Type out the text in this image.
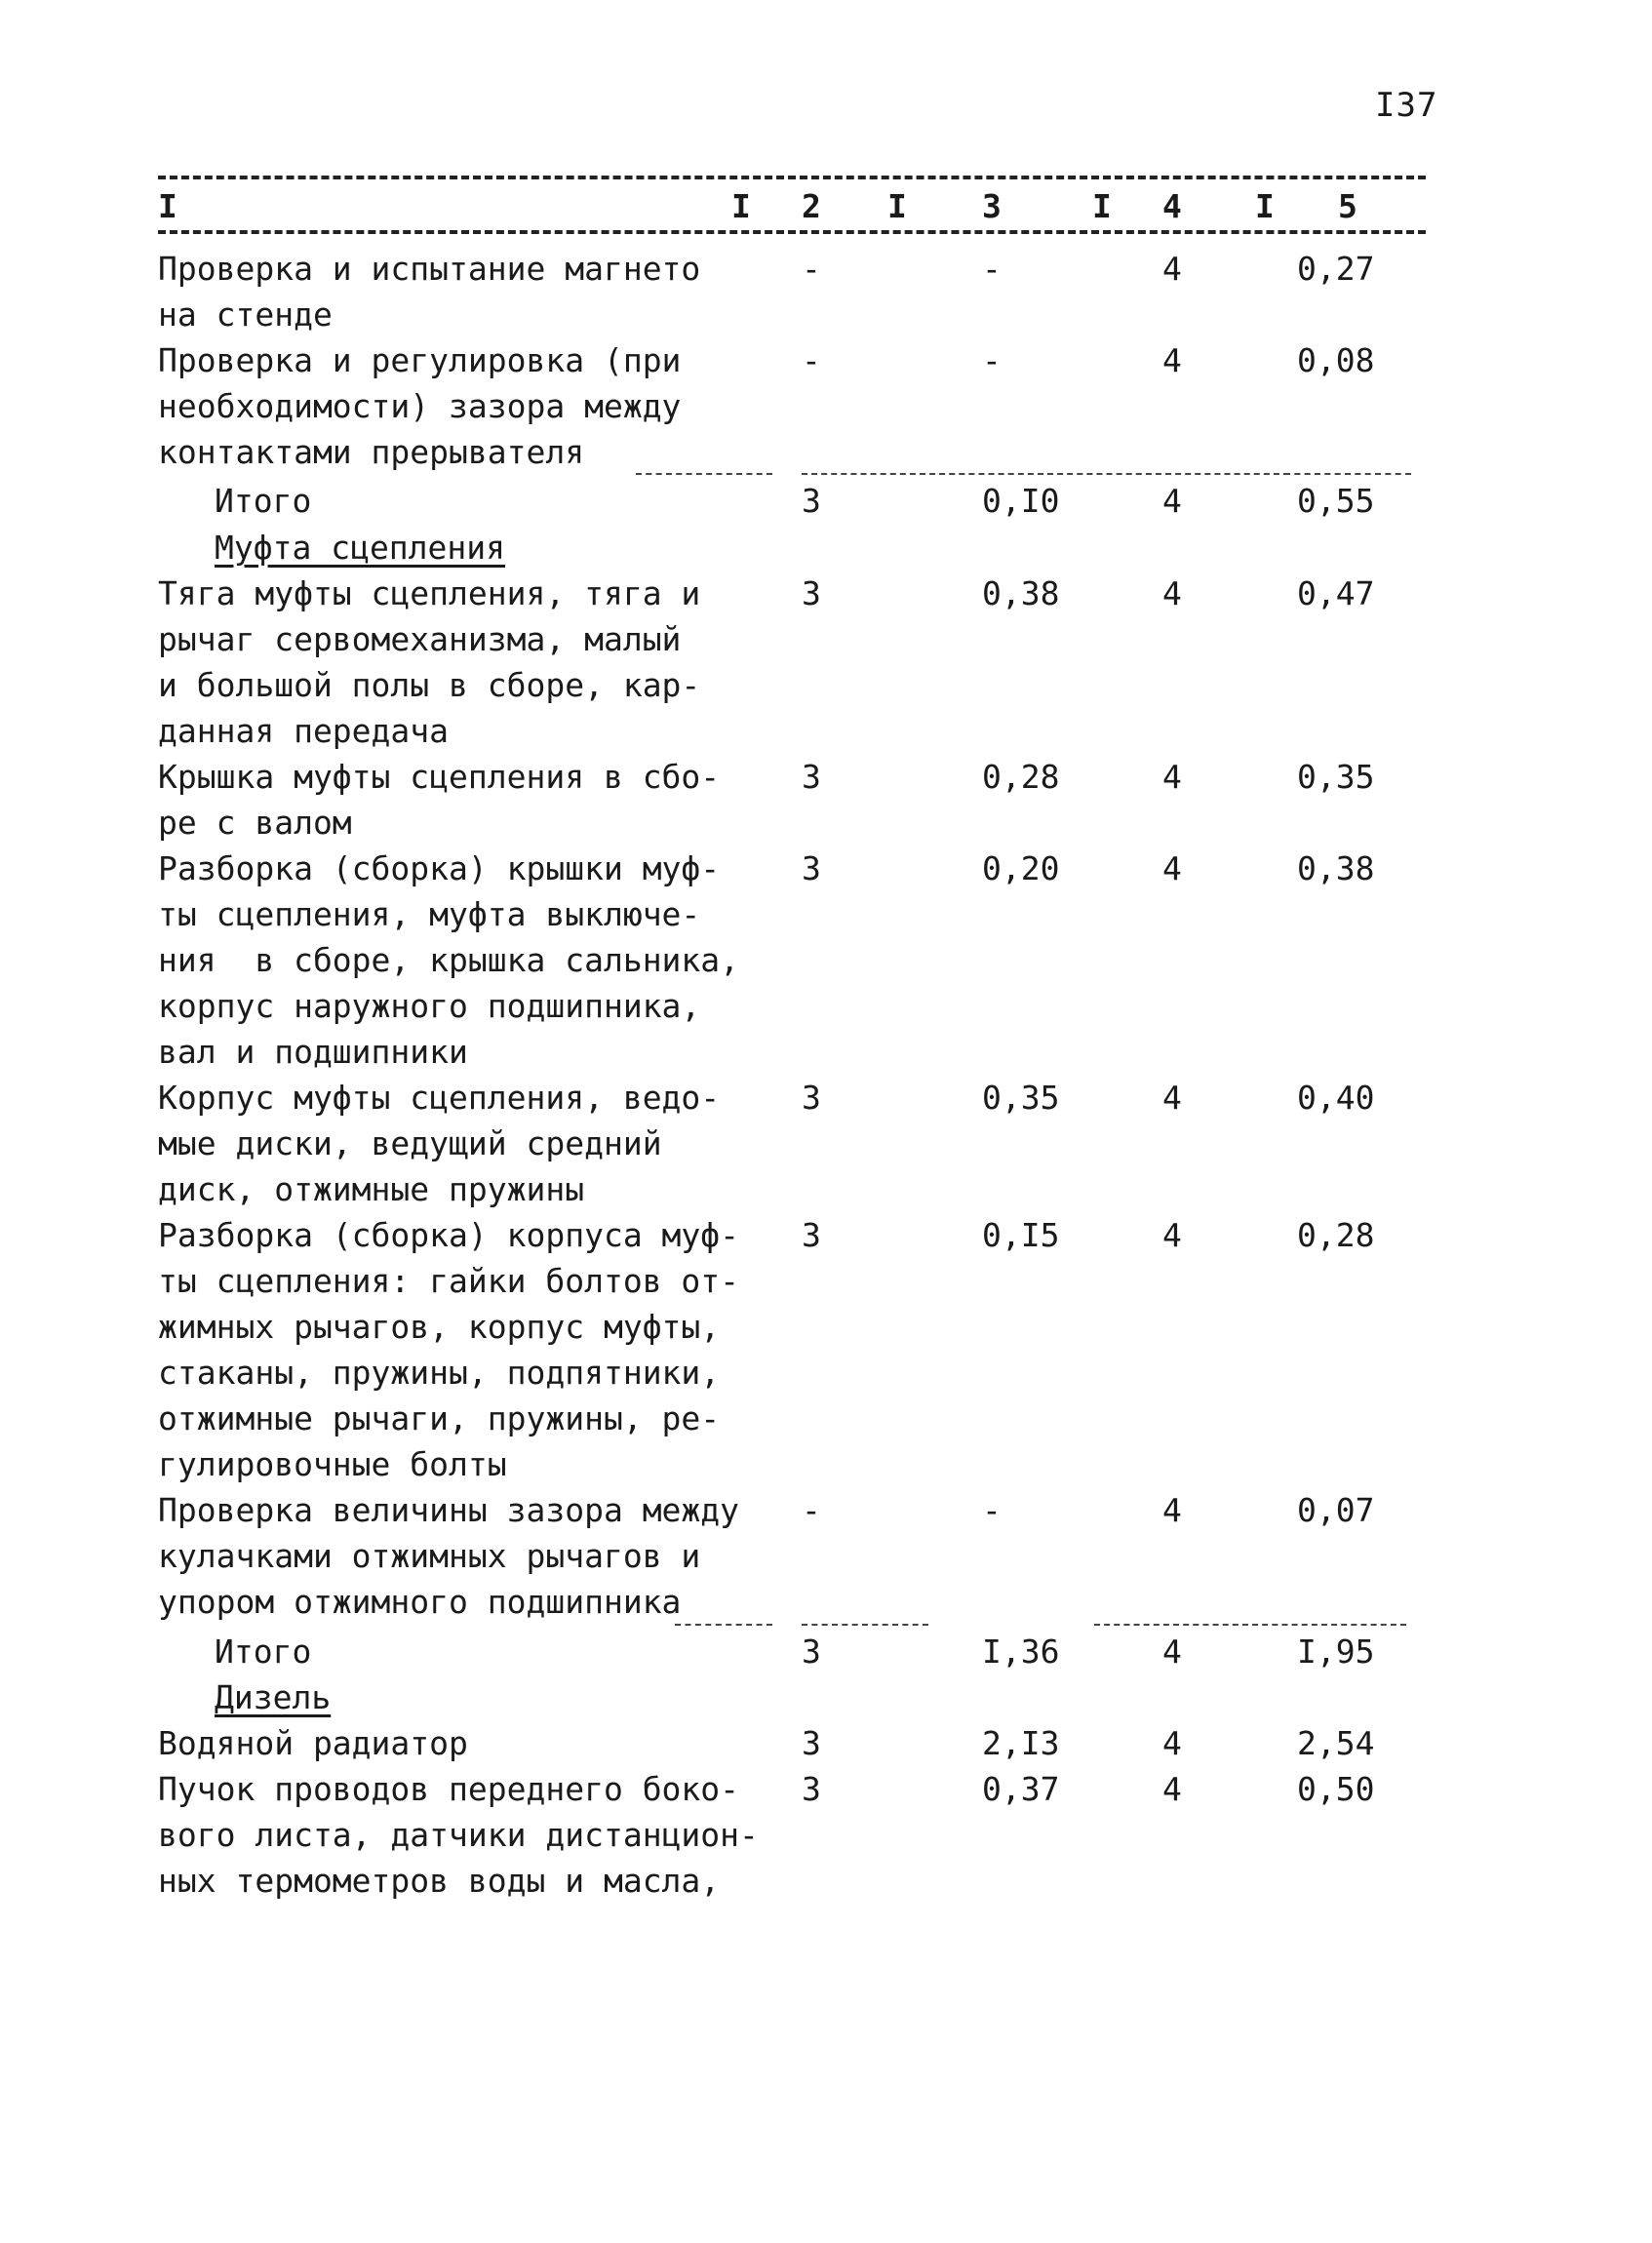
I37
I	I 2 I 3	I 4 I 5
Проверка и испытание магнето
на стенде
-	-	4	0,27
Проверка и регулировка (при
необходимости) зазора между
контактами прерывателя
-	-	4	0,08
Итого	3	0,I0	4	0,55
Муфта сцепления
Тяга муфты сцепления, тяга и
рычаг сервомеханизма, малый
и большой полы в сборе, кар-
данная передача
3	0,38	4	0,47
Крышка муфты сцепления в сбо-
ре с валом
3	0,28	4	0,35
Разборка (сборка) крышки муф-
ты сцепления, муфта выключе-
ния  в сборе, крышка сальника,
корпус наружного подшипника,
вал и подшипники
3	0,20	4	0,38
Корпус муфты сцепления, ведо-
мые диски, ведущий средний
диск, отжимные пружины
3	0,35	4	0,40
Разборка (сборка) корпуса муф-
ты сцепления: гайки болтов от-
жимных рычагов, корпус муфты,
стаканы, пружины, подпятники,
отжимные рычаги, пружины, ре-
гулировочные болты
3	0,I5	4	0,28
Проверка величины зазора между
кулачками отжимных рычагов и
упором отжимного подшипника
-	-	4	0,07
Итого	3	I,36	4	I,95
Дизель
Водяной радиатор	3	2,I3	4	2,54
Пучок проводов переднего боко-
вого листа, датчики дистанцион-
ных термометров воды и масла,
3	0,37	4	0,50
